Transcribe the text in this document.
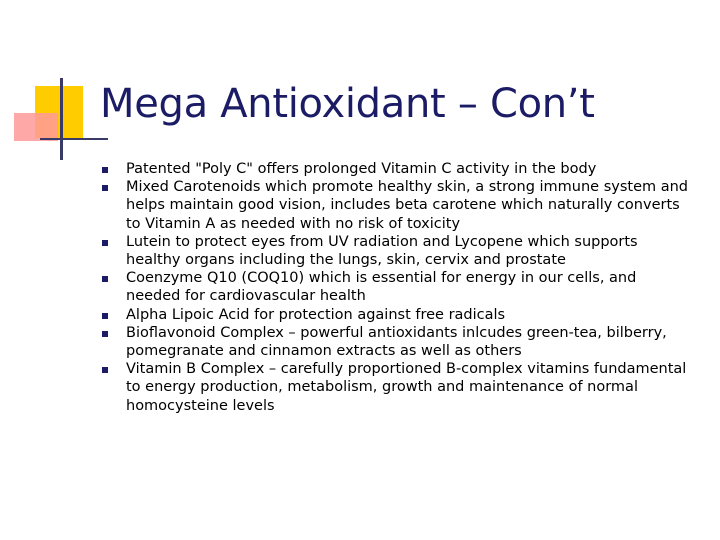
Mega Antioxidant – Con’t
Patented "Poly C" offers prolonged Vitamin C activity in the body
Mixed Carotenoids which promote healthy skin, a strong immune system and helps maintain good vision, includes beta carotene which naturally converts to Vitamin A as needed with no risk of toxicity
Lutein to protect eyes from UV radiation and Lycopene which supports healthy organs including the lungs, skin, cervix and prostate
Coenzyme Q10 (COQ10) which is essential for energy in our cells, and needed for cardiovascular health
Alpha Lipoic Acid for protection against free radicals
Bioflavonoid Complex – powerful antioxidants inlcudes green-tea, bilberry, pomegranate and cinnamon extracts as well as others
Vitamin B Complex – carefully proportioned B-complex vitamins fundamental to energy production, metabolism, growth and maintenance of normal homocysteine levels
